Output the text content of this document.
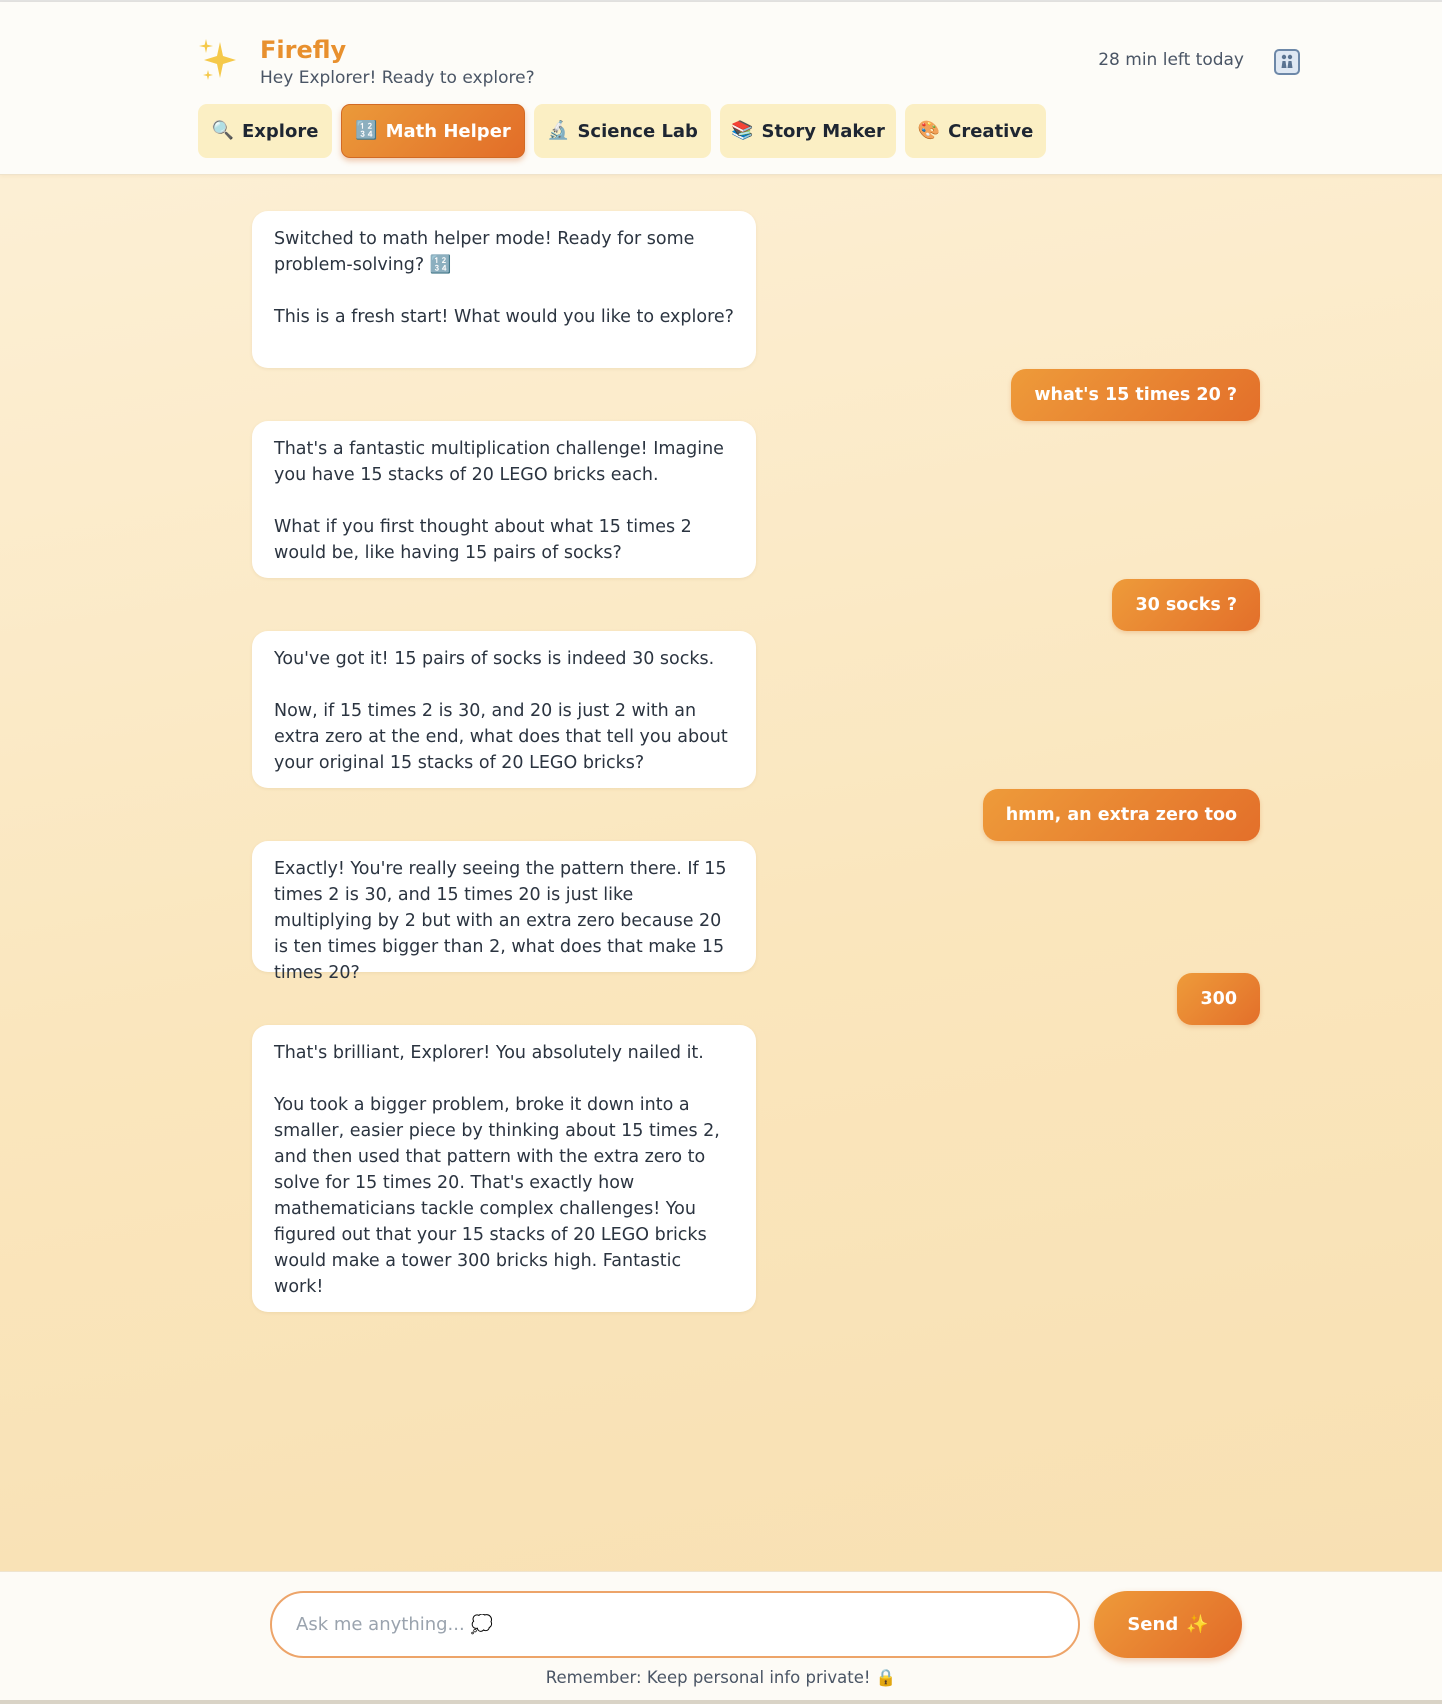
Firefly
Hey Explorer! Ready to explore?
28 min left today
🔍 Explore 🔢 Math Helper 🔬 Science Lab 📚 Story Maker 🎨 Creative
Switched to math helper mode! Ready for some problem-solving? 🔢

This is a fresh start! What would you like to explore?
what's 15 times 20 ?
That's a fantastic multiplication challenge! Imagine you have 15 stacks of 20 LEGO bricks each.

What if you first thought about what 15 times 2 would be, like having 15 pairs of socks?
30 socks ?
You've got it! 15 pairs of socks is indeed 30 socks.

Now, if 15 times 2 is 30, and 20 is just 2 with an extra zero at the end, what does that tell you about your original 15 stacks of 20 LEGO bricks?
hmm, an extra zero too
Exactly! You're really seeing the pattern there. If 15 times 2 is 30, and 15 times 20 is just like multiplying by 2 but with an extra zero because 20 is ten times bigger than 2, what does that make 15 times 20?
300
That's brilliant, Explorer! You absolutely nailed it.

You took a bigger problem, broke it down into a smaller, easier piece by thinking about 15 times 2, and then used that pattern with the extra zero to solve for 15 times 20. That's exactly how mathematicians tackle complex challenges! You figured out that your 15 stacks of 20 LEGO bricks would make a tower 300 bricks high. Fantastic work!
Ask me anything... 💭
Send ✨
Remember: Keep personal info private! 🔒
